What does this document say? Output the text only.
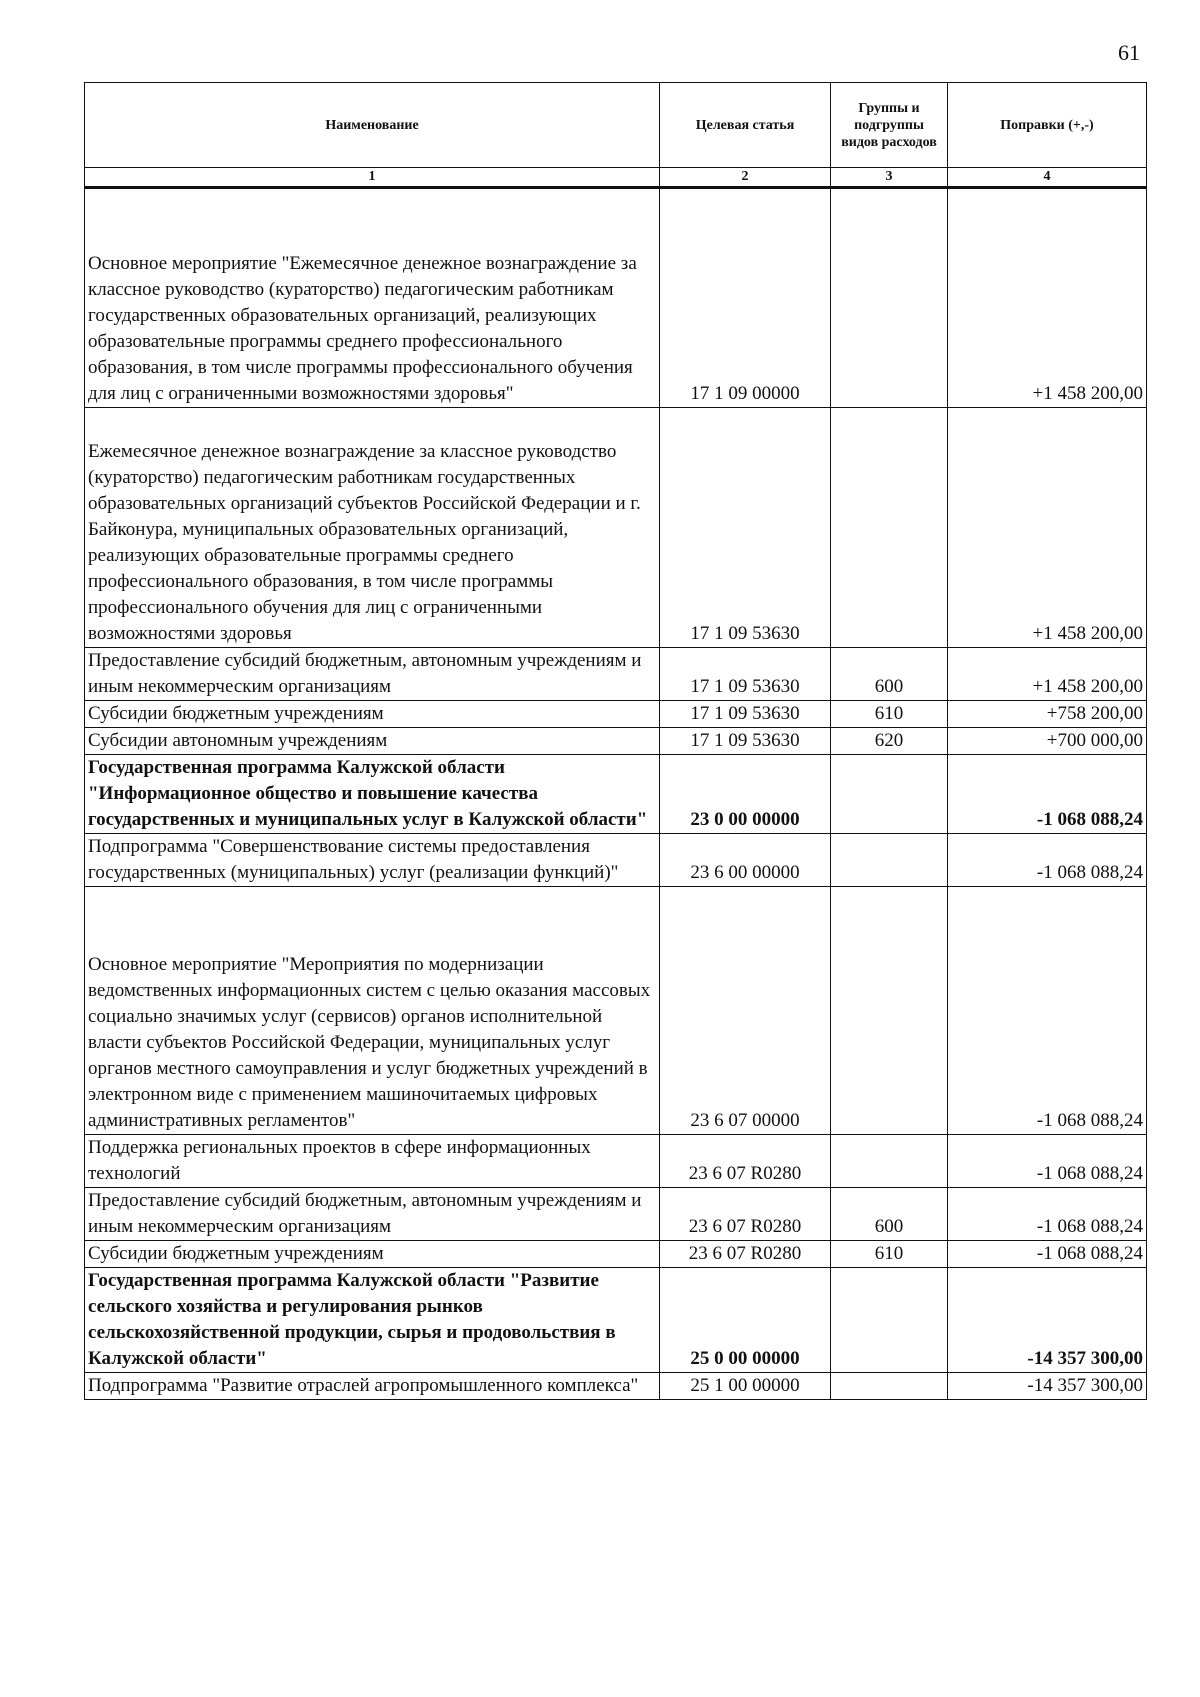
61
Наименование	Целевая статья	Группы и подгруппы видов расходов	Поправки (+,-)
1	2	3	4
Основное мероприятие "Ежемесячное денежное вознаграждение за классное руководство (кураторство) педагогическим работникам государственных образовательных организаций, реализующих образовательные программы среднего профессионального образования, в том числе программы профессионального обучения для лиц с ограниченными возможностями здоровья"	17 1 09 00000		+1 458 200,00
Ежемесячное денежное вознаграждение за классное руководство (кураторство) педагогическим работникам государственных образовательных организаций субъектов Российской Федерации и г. Байконура, муниципальных образовательных организаций, реализующих образовательные программы среднего профессионального образования, в том числе программы профессионального обучения для лиц с ограниченными возможностями здоровья	17 1 09 53630		+1 458 200,00
Предоставление субсидий бюджетным, автономным учреждениям и иным некоммерческим организациям	17 1 09 53630	600	+1 458 200,00
Субсидии бюджетным учреждениям	17 1 09 53630	610	+758 200,00
Субсидии автономным учреждениям	17 1 09 53630	620	+700 000,00
Государственная программа Калужской области "Информационное общество и повышение качества государственных и муниципальных услуг в Калужской области"	23 0 00 00000		-1 068 088,24
Подпрограмма "Совершенствование системы предоставления государственных (муниципальных) услуг (реализации функций)"	23 6 00 00000		-1 068 088,24
Основное мероприятие "Мероприятия по модернизации ведомственных информационных систем с целью оказания массовых социально значимых услуг (сервисов) органов исполнительной власти субъектов Российской Федерации, муниципальных услуг органов местного самоуправления и услуг бюджетных учреждений в электронном виде с применением машиночитаемых цифровых административных регламентов"	23 6 07 00000		-1 068 088,24
Поддержка региональных проектов в сфере информационных технологий	23 6 07 R0280		-1 068 088,24
Предоставление субсидий бюджетным, автономным учреждениям и иным некоммерческим организациям	23 6 07 R0280	600	-1 068 088,24
Субсидии бюджетным учреждениям	23 6 07 R0280	610	-1 068 088,24
Государственная программа Калужской области "Развитие сельского хозяйства и регулирования рынков сельскохозяйственной продукции, сырья и продовольствия в Калужской области"	25 0 00 00000		-14 357 300,00
Подпрограмма "Развитие отраслей агропромышленного комплекса"	25 1 00 00000		-14 357 300,00
